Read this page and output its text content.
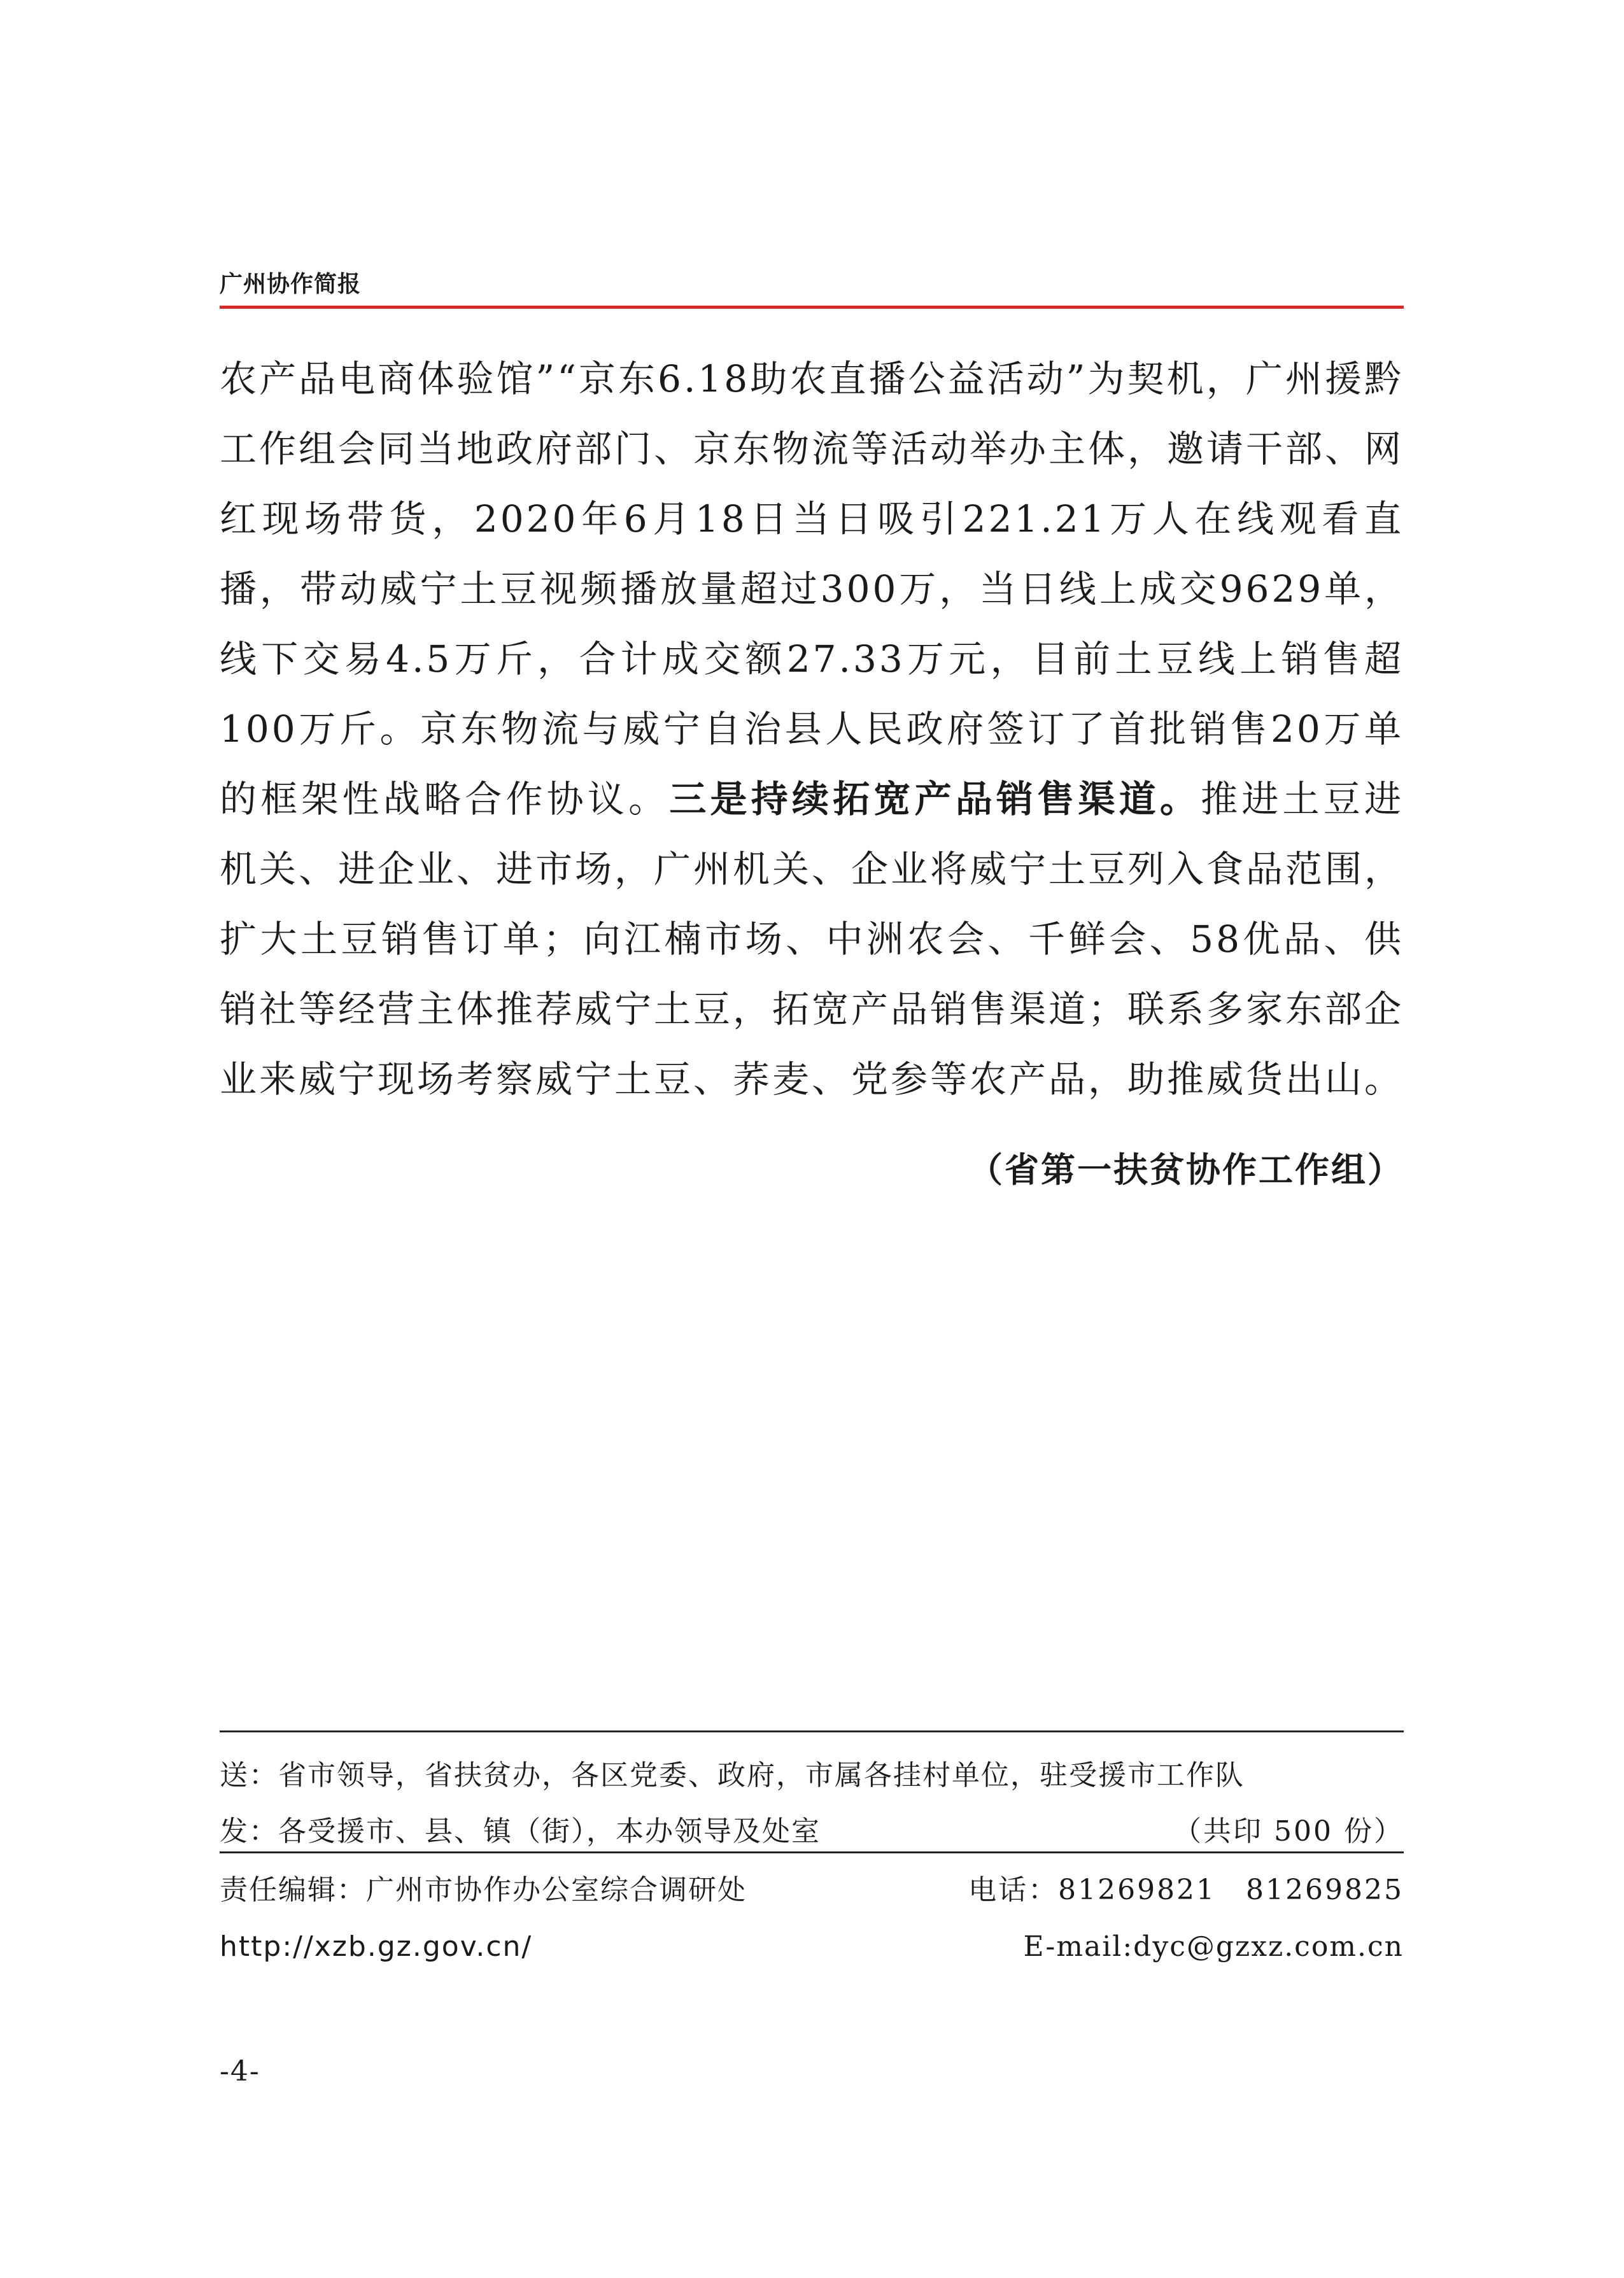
广州协作简报
农产品电商体验馆”“京东6.18助农直播公益活动”为契机，广州援黔工作组会同当地政府部门、京东物流等活动举办主体，邀请干部、网红现场带货，2020年6月18日当日吸引221.21万人在线观看直播，带动威宁土豆视频播放量超过300万，当日线上成交9629单，线下交易4.5万斤，合计成交额27.33万元，目前土豆线上销售超100万斤。京东物流与威宁自治县人民政府签订了首批销售20万单的框架性战略合作协议。三是持续拓宽产品销售渠道。推进土豆进机关、进企业、进市场，广州机关、企业将威宁土豆列入食品范围，扩大土豆销售订单；向江楠市场、中洲农会、千鲜会、58优品、供销社等经营主体推荐威宁土豆，拓宽产品销售渠道；联系多家东部企业来威宁现场考察威宁土豆、荞麦、党参等农产品，助推威货出山。
（省第一扶贫协作工作组）
送：省市领导，省扶贫办，各区党委、政府，市属各挂村单位，驻受援市工作队
发：各受援市、县、镇（街），本办领导及处室	（共印 500 份）
责任编辑：广州市协作办公室综合调研处	电话：81269821　81269825
http://xzb.gz.gov.cn/	E-mail:dyc@gzxz.com.cn
-4-
